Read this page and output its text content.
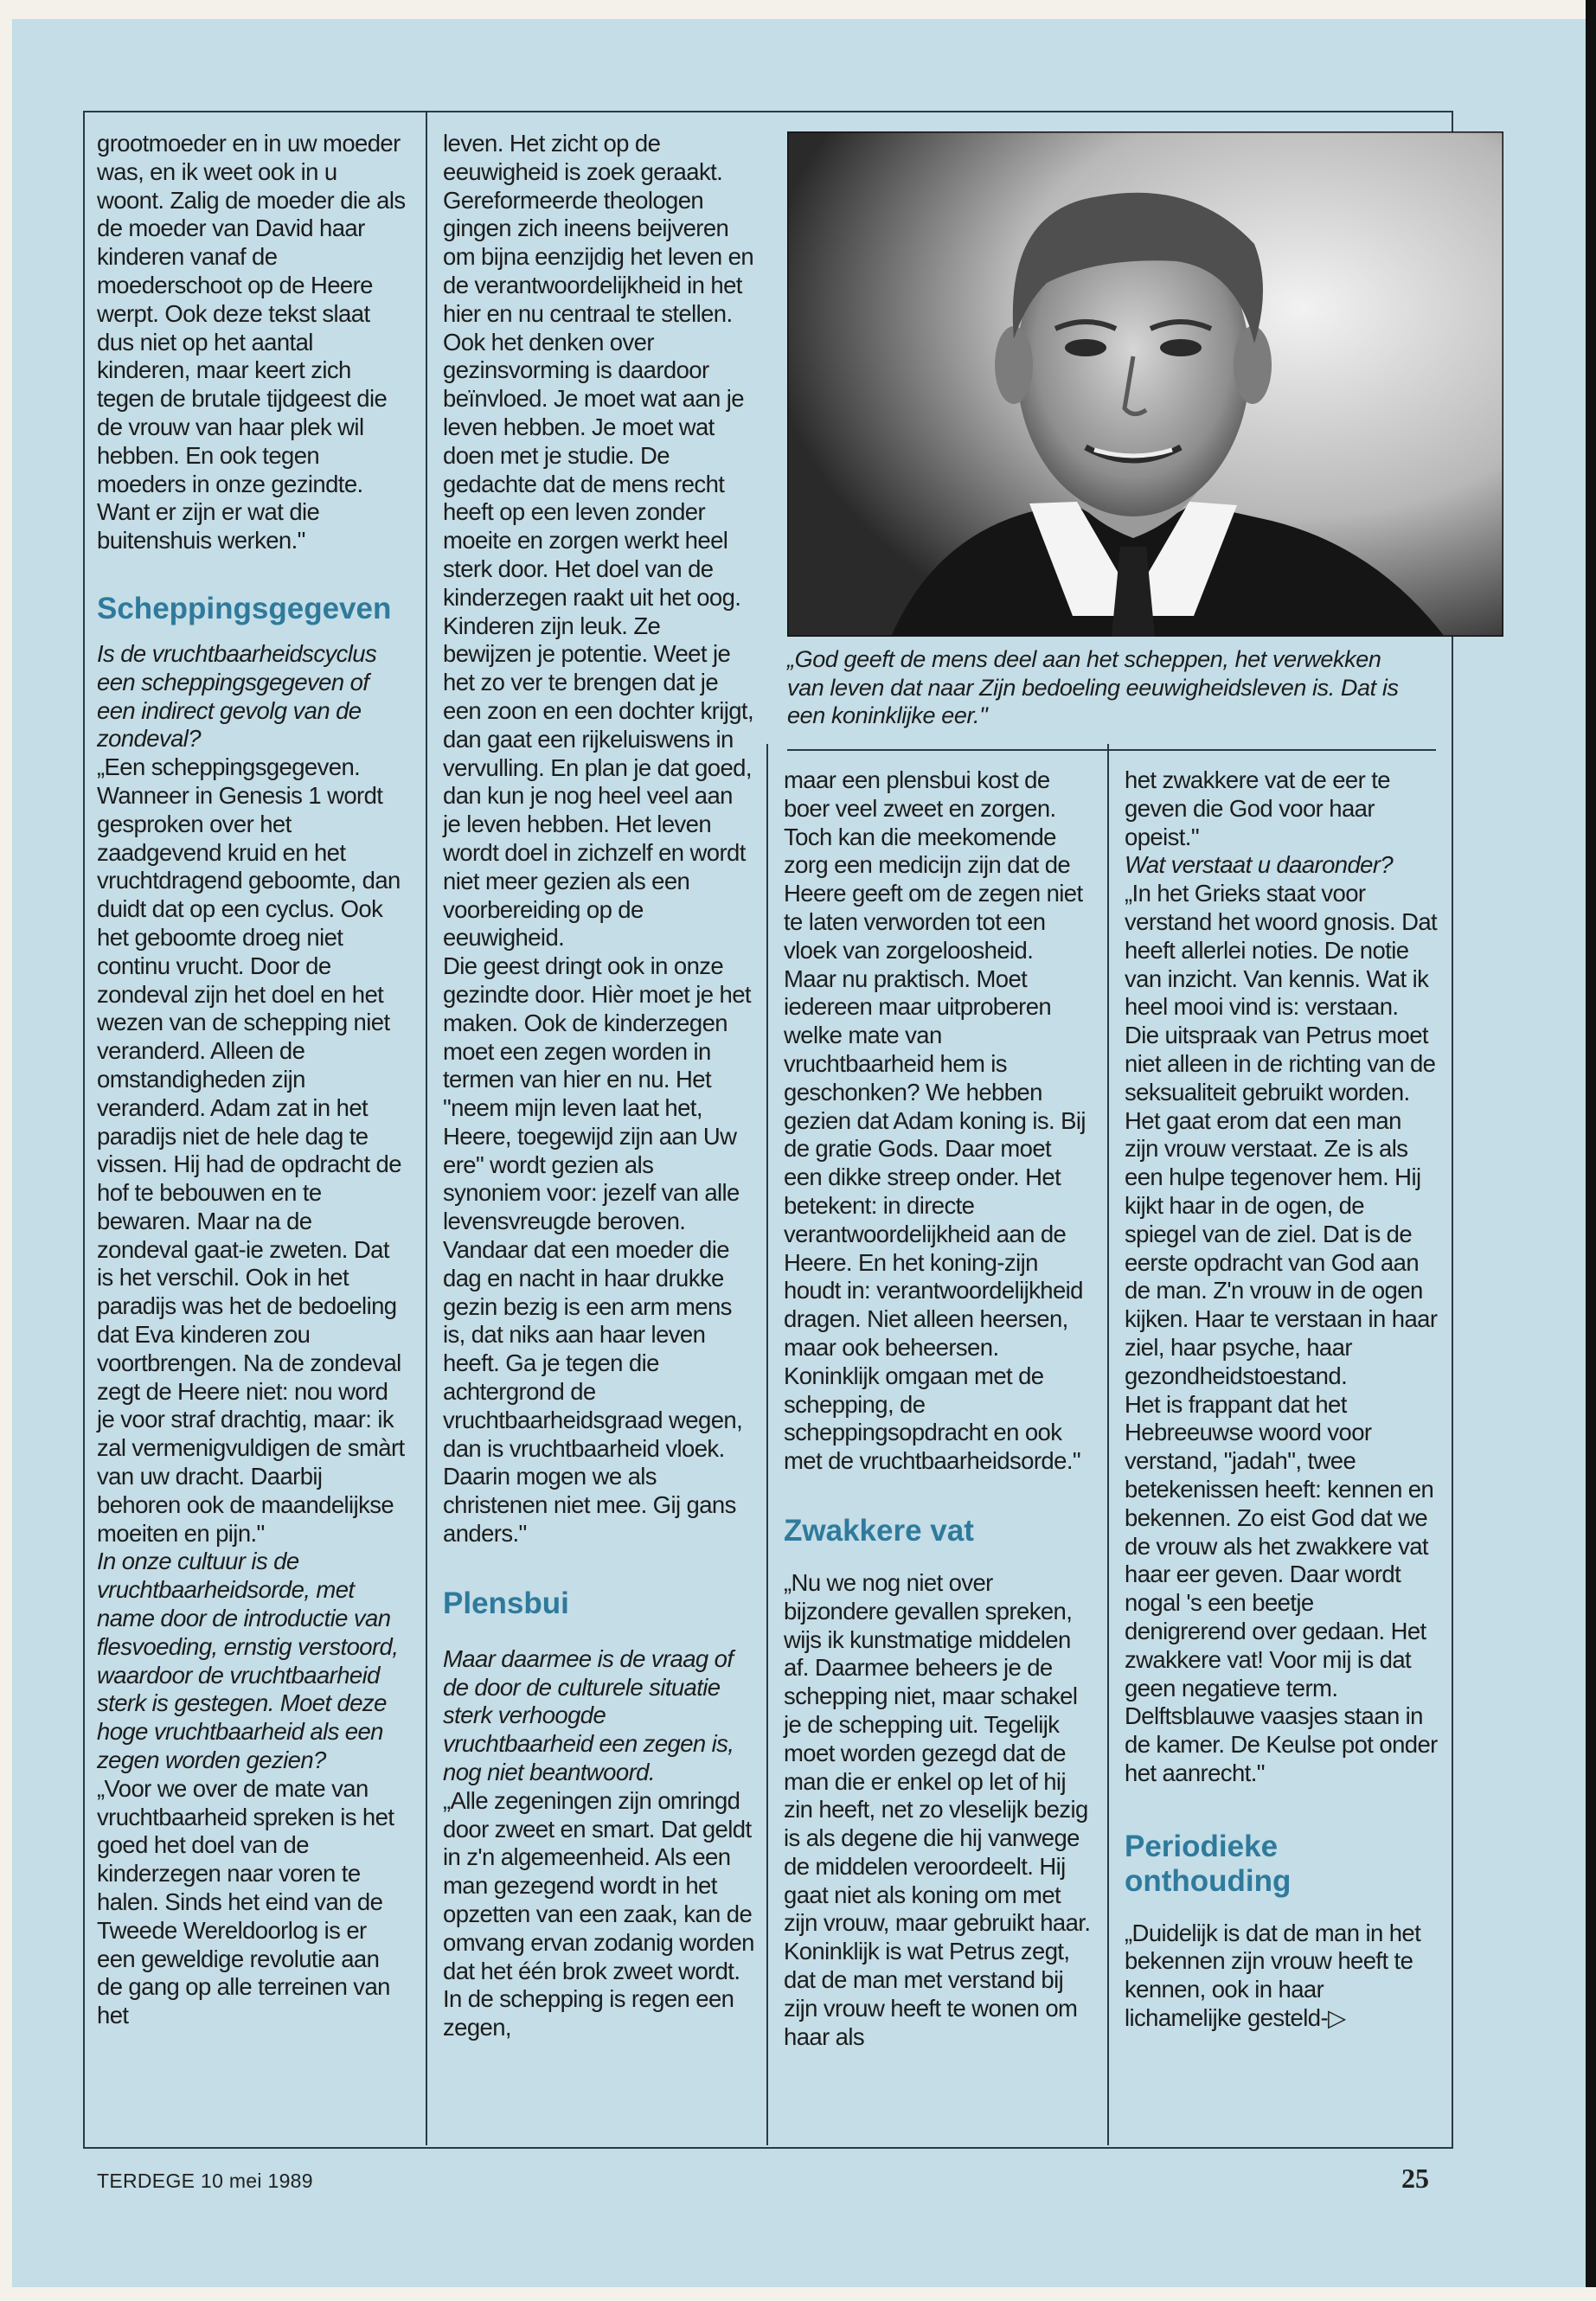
grootmoeder en in uw moeder was, en ik weet ook in u woont. Zalig de moeder die als de moeder van David haar kinderen vanaf de moederschoot op de Heere werpt. Ook deze tekst slaat dus niet op het aantal kinderen, maar keert zich tegen de brutale tijdgeest die de vrouw van haar plek wil hebben. En ook tegen moeders in onze gezindte. Want er zijn er wat die buitenshuis werken."

Scheppingsgegeven

Is de vruchtbaarheidscyclus een scheppingsgegeven of een indirect gevolg van de zondeval?

„Een scheppingsgegeven. Wanneer in Genesis 1 wordt gesproken over het zaadgevend kruid en het vruchtdragend geboomte, dan duidt dat op een cyclus. Ook het geboomte droeg niet continu vrucht. Door de zondeval zijn het doel en het wezen van de schepping niet veranderd. Alleen de omstandigheden zijn veranderd. Adam zat in het paradijs niet de hele dag te vissen. Hij had de opdracht de hof te bebouwen en te bewaren. Maar na de zondeval gaat-ie zweten. Dat is het verschil. Ook in het paradijs was het de bedoeling dat Eva kinderen zou voortbrengen. Na de zondeval zegt de Heere niet: nou word je voor straf drachtig, maar: ik zal vermenigvuldigen de smàrt van uw dracht. Daarbij behoren ook de maandelijkse moeiten en pijn."

In onze cultuur is de vruchtbaarheidsorde, met name door de introductie van flesvoeding, ernstig verstoord, waardoor de vruchtbaarheid sterk is gestegen. Moet deze hoge vruchtbaarheid als een zegen worden gezien?

„Voor we over de mate van vruchtbaarheid spreken is het goed het doel van de kinderzegen naar voren te halen. Sinds het eind van de Tweede Wereldoorlog is er een geweldige revolutie aan de gang op alle terreinen van het

leven. Het zicht op de eeuwigheid is zoek geraakt. Gereformeerde theologen gingen zich ineens beijveren om bijna eenzijdig het leven en de verantwoordelijkheid in het hier en nu centraal te stellen. Ook het denken over gezinsvorming is daardoor beïnvloed. Je moet wat aan je leven hebben. Je moet wat doen met je studie. De gedachte dat de mens recht heeft op een leven zonder moeite en zorgen werkt heel sterk door. Het doel van de kinderzegen raakt uit het oog. Kinderen zijn leuk. Ze bewijzen je potentie. Weet je het zo ver te brengen dat je een zoon en een dochter krijgt, dan gaat een rijkeluiswens in vervulling. En plan je dat goed, dan kun je nog heel veel aan je leven hebben. Het leven wordt doel in zichzelf en wordt niet meer gezien als een voorbereiding op de eeuwigheid.

Die geest dringt ook in onze gezindte door. Hièr moet je het maken. Ook de kinderzegen moet een zegen worden in termen van hier en nu. Het "neem mijn leven laat het, Heere, toegewijd zijn aan Uw ere" wordt gezien als synoniem voor: jezelf van alle levensvreugde beroven. Vandaar dat een moeder die dag en nacht in haar drukke gezin bezig is een arm mens is, dat niks aan haar leven heeft. Ga je tegen die achtergrond de vruchtbaarheidsgraad wegen, dan is vruchtbaarheid vloek. Daarin mogen we als christenen niet mee. Gij gans anders."

Plensbui

Maar daarmee is de vraag of de door de culturele situatie sterk verhoogde vruchtbaarheid een zegen is, nog niet beantwoord.

„Alle zegeningen zijn omringd door zweet en smart. Dat geldt in z'n algemeenheid. Als een man gezegend wordt in het opzetten van een zaak, kan de omvang ervan zodanig worden dat het één brok zweet wordt. In de schepping is regen een zegen,

„God geeft de mens deel aan het scheppen, het verwekken van leven dat naar Zijn bedoeling eeuwigheidsleven is. Dat is een koninklijke eer."

maar een plensbui kost de boer veel zweet en zorgen. Toch kan die meekomende zorg een medicijn zijn dat de Heere geeft om de zegen niet te laten verworden tot een vloek van zorgeloosheid.

Maar nu praktisch. Moet iedereen maar uitproberen welke mate van vruchtbaarheid hem is geschonken? We hebben gezien dat Adam koning is. Bij de gratie Gods. Daar moet een dikke streep onder. Het betekent: in directe verantwoordelijkheid aan de Heere. En het koning-zijn houdt in: verantwoordelijkheid dragen. Niet alleen heersen, maar ook beheersen. Koninklijk omgaan met de schepping, de scheppingsopdracht en ook met de vruchtbaarheidsorde."

Zwakkere vat

„Nu we nog niet over bijzondere gevallen spreken, wijs ik kunstmatige middelen af. Daarmee beheers je de schepping niet, maar schakel je de schepping uit. Tegelijk moet worden gezegd dat de man die er enkel op let of hij zin heeft, net zo vleselijk bezig is als degene die hij vanwege de middelen veroordeelt. Hij gaat niet als koning om met zijn vrouw, maar gebruikt haar. Koninklijk is wat Petrus zegt, dat de man met verstand bij zijn vrouw heeft te wonen om haar als

het zwakkere vat de eer te geven die God voor haar opeist."

Wat verstaat u daaronder?

„In het Grieks staat voor verstand het woord gnosis. Dat heeft allerlei noties. De notie van inzicht. Van kennis. Wat ik heel mooi vind is: verstaan. Die uitspraak van Petrus moet niet alleen in de richting van de seksualiteit gebruikt worden. Het gaat erom dat een man zijn vrouw verstaat. Ze is als een hulpe tegenover hem. Hij kijkt haar in de ogen, de spiegel van de ziel. Dat is de eerste opdracht van God aan de man. Z'n vrouw in de ogen kijken. Haar te verstaan in haar ziel, haar psyche, haar gezondheidstoestand.

Het is frappant dat het Hebreeuwse woord voor verstand, "jadah", twee betekenissen heeft: kennen en bekennen. Zo eist God dat we de vrouw als het zwakkere vat haar eer geven. Daar wordt nogal 's een beetje denigrerend over gedaan. Het zwakkere vat! Voor mij is dat geen negatieve term. Delftsblauwe vaasjes staan in de kamer. De Keulse pot onder het aanrecht."

Periodieke onthouding

„Duidelijk is dat de man in het bekennen zijn vrouw heeft te kennen, ook in haar lichamelijke gesteld-▷

TERDEGE 10 mei 1989	25
